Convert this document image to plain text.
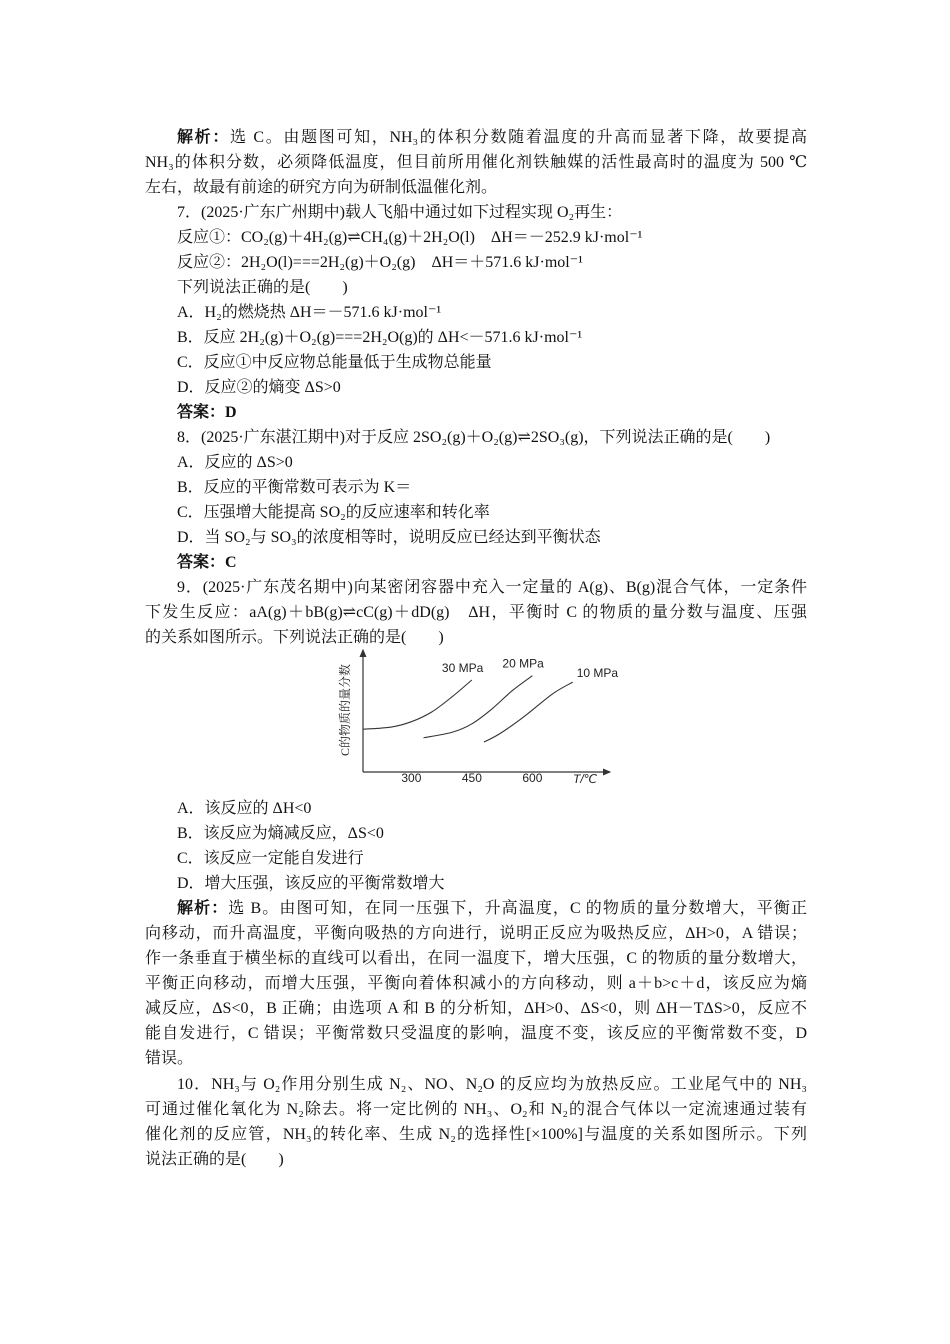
解析：选 C。由题图可知，NH₃的体积分数随着温度的升高而显著下降，故要提高
NH₃的体积分数，必须降低温度，但目前所用催化剂铁触媒的活性最高时的温度为 500 ℃
左右，故最有前途的研究方向为研制低温催化剂。
7．(2025·广东广州期中)载人飞船中通过如下过程实现 O₂再生：
反应①：CO₂(g)＋4H₂(g)⇌CH₄(g)＋2H₂O(l)　ΔH＝－252.9 kJ·mol⁻¹
反应②：2H₂O(l)===2H₂(g)＋O₂(g)　ΔH＝＋571.6 kJ·mol⁻¹
下列说法正确的是(　　)
A．H₂的燃烧热 ΔH＝－571.6 kJ·mol⁻¹
B．反应 2H₂(g)＋O₂(g)===2H₂O(g)的 ΔH<－571.6 kJ·mol⁻¹
C．反应①中反应物总能量低于生成物总能量
D．反应②的熵变 ΔS>0
答案：D
8．(2025·广东湛江期中)对于反应 2SO₂(g)＋O₂(g)⇌2SO₃(g)，下列说法正确的是(　　)
A．反应的 ΔS>0
B．反应的平衡常数可表示为 K＝
C．压强增大能提高 SO₂的反应速率和转化率
D．当 SO₂与 SO₃的浓度相等时，说明反应已经达到平衡状态
答案：C
9．(2025·广东茂名期中)向某密闭容器中充入一定量的 A(g)、B(g)混合气体，一定条件
下发生反应：aA(g)＋bB(g)⇌cC(g)＋dD(g)　ΔH，平衡时 C 的物质的量分数与温度、压强
的关系如图所示。下列说法正确的是(　　)
C的物质的量分数	30 MPa 20 MPa
10 MPa
300	450	600	T/℃
A．该反应的 ΔH<0
B．该反应为熵减反应，ΔS<0
C．该反应一定能自发进行
D．增大压强，该反应的平衡常数增大
解析：选 B。由图可知，在同一压强下，升高温度，C 的物质的量分数增大，平衡正
向移动，而升高温度，平衡向吸热的方向进行，说明正反应为吸热反应，ΔH>0，A 错误；
作一条垂直于横坐标的直线可以看出，在同一温度下，增大压强，C 的物质的量分数增大，
平衡正向移动，而增大压强，平衡向着体积减小的方向移动，则 a＋b>c＋d，该反应为熵
减反应，ΔS<0，B 正确；由选项 A 和 B 的分析知，ΔH>0、ΔS<0，则 ΔH－TΔS>0，反应不
能自发进行，C 错误；平衡常数只受温度的影响，温度不变，该反应的平衡常数不变，D
错误。
10．NH₃与 O₂作用分别生成 N₂、NO、N₂O 的反应均为放热反应。工业尾气中的 NH₃
可通过催化氧化为 N₂除去。将一定比例的 NH₃、O₂和 N₂的混合气体以一定流速通过装有
催化剂的反应管，NH₃的转化率、生成 N₂的选择性[×100%]与温度的关系如图所示。下列
说法正确的是(　　)
